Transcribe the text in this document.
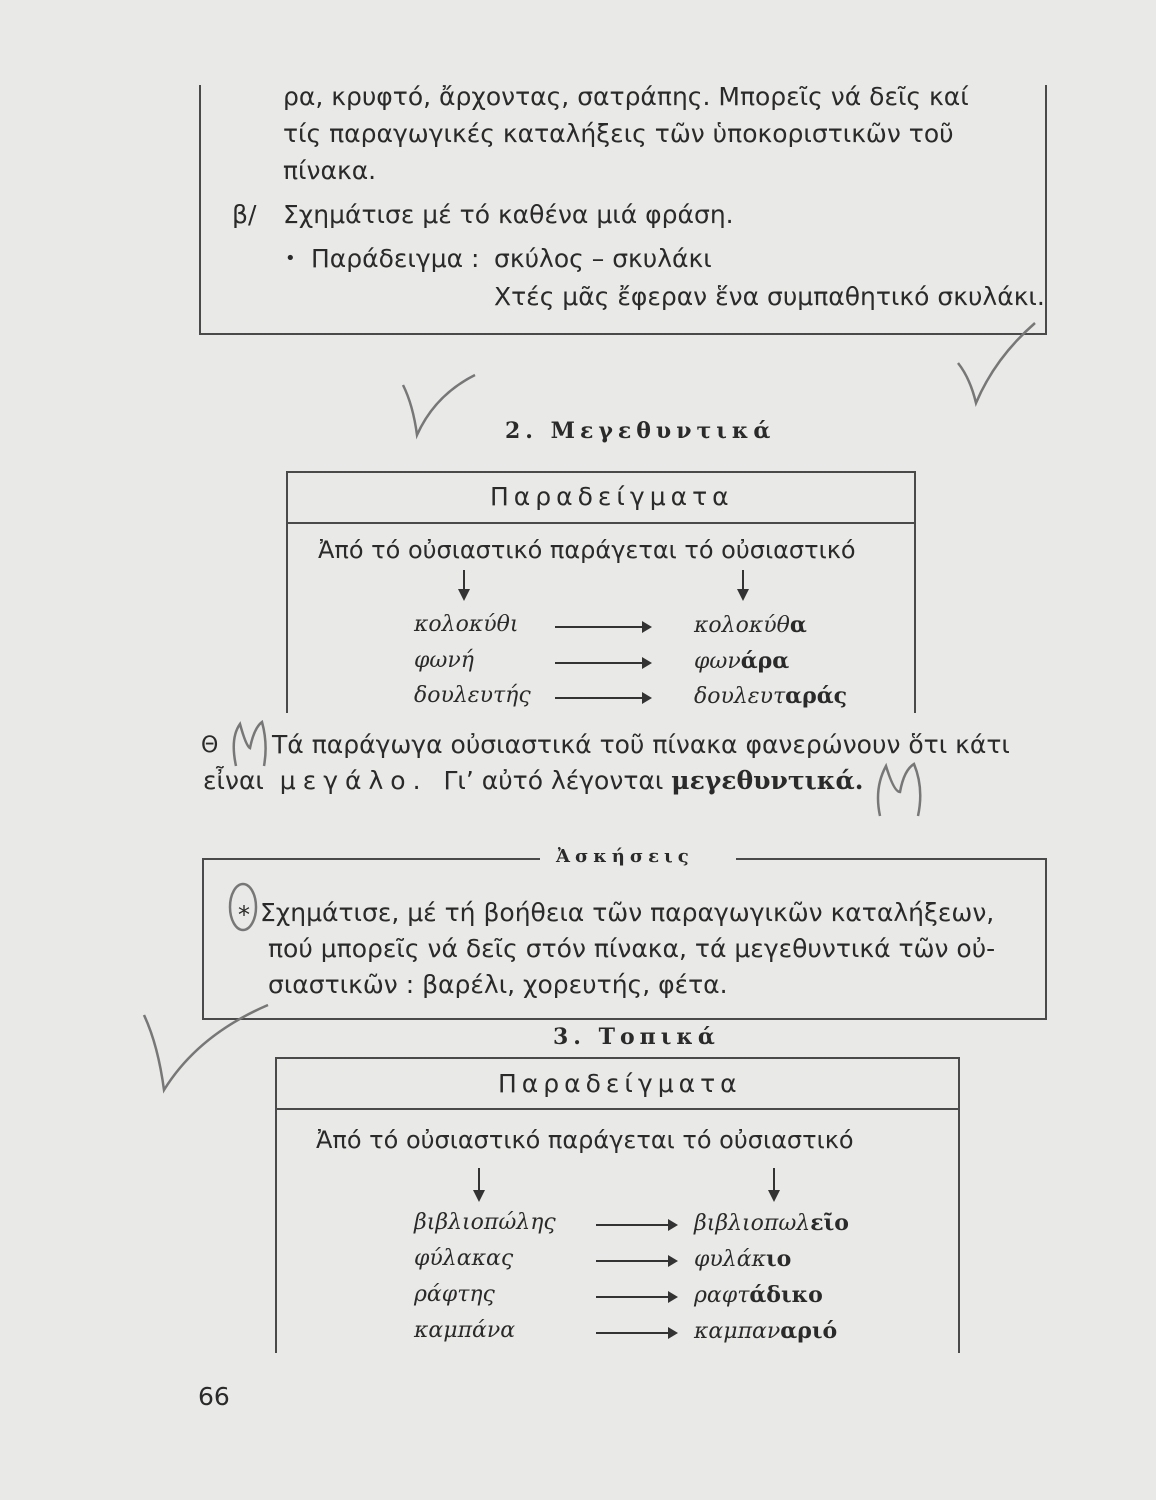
ρα, κρυφτό, ἄρχοντας, σατράπης. Μπορεῖς νά δεῖς καί
τίς παραγωγικές καταλήξεις τῶν ὑποκοριστικῶν τοῦ
πίνακα.
β/ Σχημάτισε μέ τό καθένα μιά φράση.
• Παράδειγμα : σκύλος – σκυλάκι
Χτές μᾶς ἔφεραν ἕνα συμπαθητικό σκυλάκι.
2. Μεγεθυντικά
Παραδείγματα
Ἀπό τό οὐσιαστικό παράγεται τό οὐσιαστικό
κολοκύθι	κολοκύθα
φωνή	φωνάρα
δουλευτής	δουλευταράς
Θ Τά παράγωγα οὐσιαστικά τοῦ πίνακα φανερώνουν ὅτι κάτι
εἶναι μεγάλο. Γι’ αὐτό λέγονται μεγεθυντικά.
Ἀσκήσεις
* Σχημάτισε, μέ τή βοήθεια τῶν παραγωγικῶν καταλήξεων,
πού μπορεῖς νά δεῖς στόν πίνακα, τά μεγεθυντικά τῶν οὐ-
σιαστικῶν : βαρέλι, χορευτής, φέτα.
3. Τοπικά
Παραδείγματα
Ἀπό τό οὐσιαστικό παράγεται τό οὐσιαστικό
βιβλιοπώλης	βιβλιοπωλεῖο
φύλακας	φυλάκιο
ράφτης	ραφτάδικο
καμπάνα	καμπαναριό
66
